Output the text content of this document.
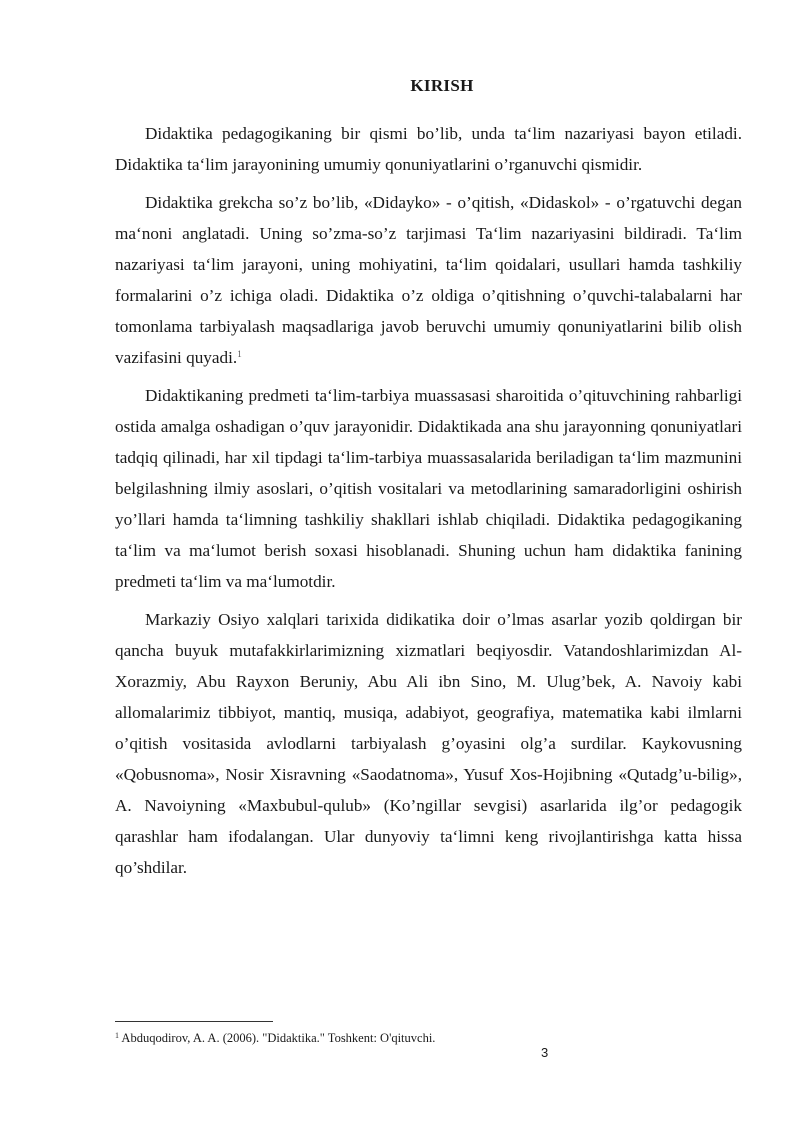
KIRISH

Didaktika pedagogikaning bir qismi bo’lib, unda ta‘lim nazariyasi bayon etiladi. Didaktika ta‘lim jarayonining umumiy qonuniyatlarini o’rganuvchi qismidir.

Didaktika grekcha so’z bo’lib, «Didayko» - o’qitish, «Didaskol» - o’rgatuvchi degan ma‘noni anglatadi. Uning so’zma-so’z tarjimasi Ta‘lim nazariyasini bildiradi. Ta‘lim nazariyasi ta‘lim jarayoni, uning mohiyatini, ta‘lim qoidalari, usullari hamda tashkiliy formalarini o’z ichiga oladi. Didaktika o’z oldiga o’qitishning o’quvchi-talabalarni har tomonlama tarbiyalash maqsadlariga javob beruvchi umumiy qonuniyatlarini bilib olish vazifasini quyadi.$^1$

Didaktikaning predmeti ta‘lim-tarbiya muassasasi sharoitida o’qituvchining rahbarligi ostida amalga oshadigan o’quv jarayonidir. Didaktikada ana shu jarayonning qonuniyatlari tadqiq qilinadi, har xil tipdagi ta‘lim-tarbiya muassasalarida beriladigan ta‘lim mazmunini belgilashning ilmiy asoslari, o’qitish vositalari va metodlarining samaradorligini oshirish yo’llari hamda ta‘limning tashkiliy shakllari ishlab chiqiladi. Didaktika pedagogikaning ta‘lim va ma‘lumot berish soxasi hisoblanadi. Shuning uchun ham didaktika fanining predmeti ta‘lim va ma‘lumotdir.

Markaziy Osiyo xalqlari tarixida didikatika doir o’lmas asarlar yozib qoldirgan bir qancha buyuk mutafakkirlarimizning xizmatlari beqiyosdir. Vatandoshlarimizdan Al-Xorazmiy, Abu Rayxon Beruniy, Abu Ali ibn Sino, M. Ulug’bek, A. Navoiy kabi allomalarimiz tibbiyot, mantiq, musiqa, adabiyot, geografiya, matematika kabi ilmlarni o’qitish vositasida avlodlarni tarbiyalash g’oyasini olg’a surdilar. Kaykovusning «Qobusnoma», Nosir Xisravning «Saodatnoma», Yusuf Xos-Hojibning «Qutadg’u-bilig», A. Navoiyning «Maxbubul-qulub» (Ko’ngillar sevgisi) asarlarida ilg’or pedagogik qarashlar ham ifodalangan. Ular dunyoviy ta‘limni keng rivojlantirishga katta hissa qo’shdilar.

$^1$ Abduqodirov, A. A. (2006). "Didaktika." Toshkent: O'qituvchi.
3
